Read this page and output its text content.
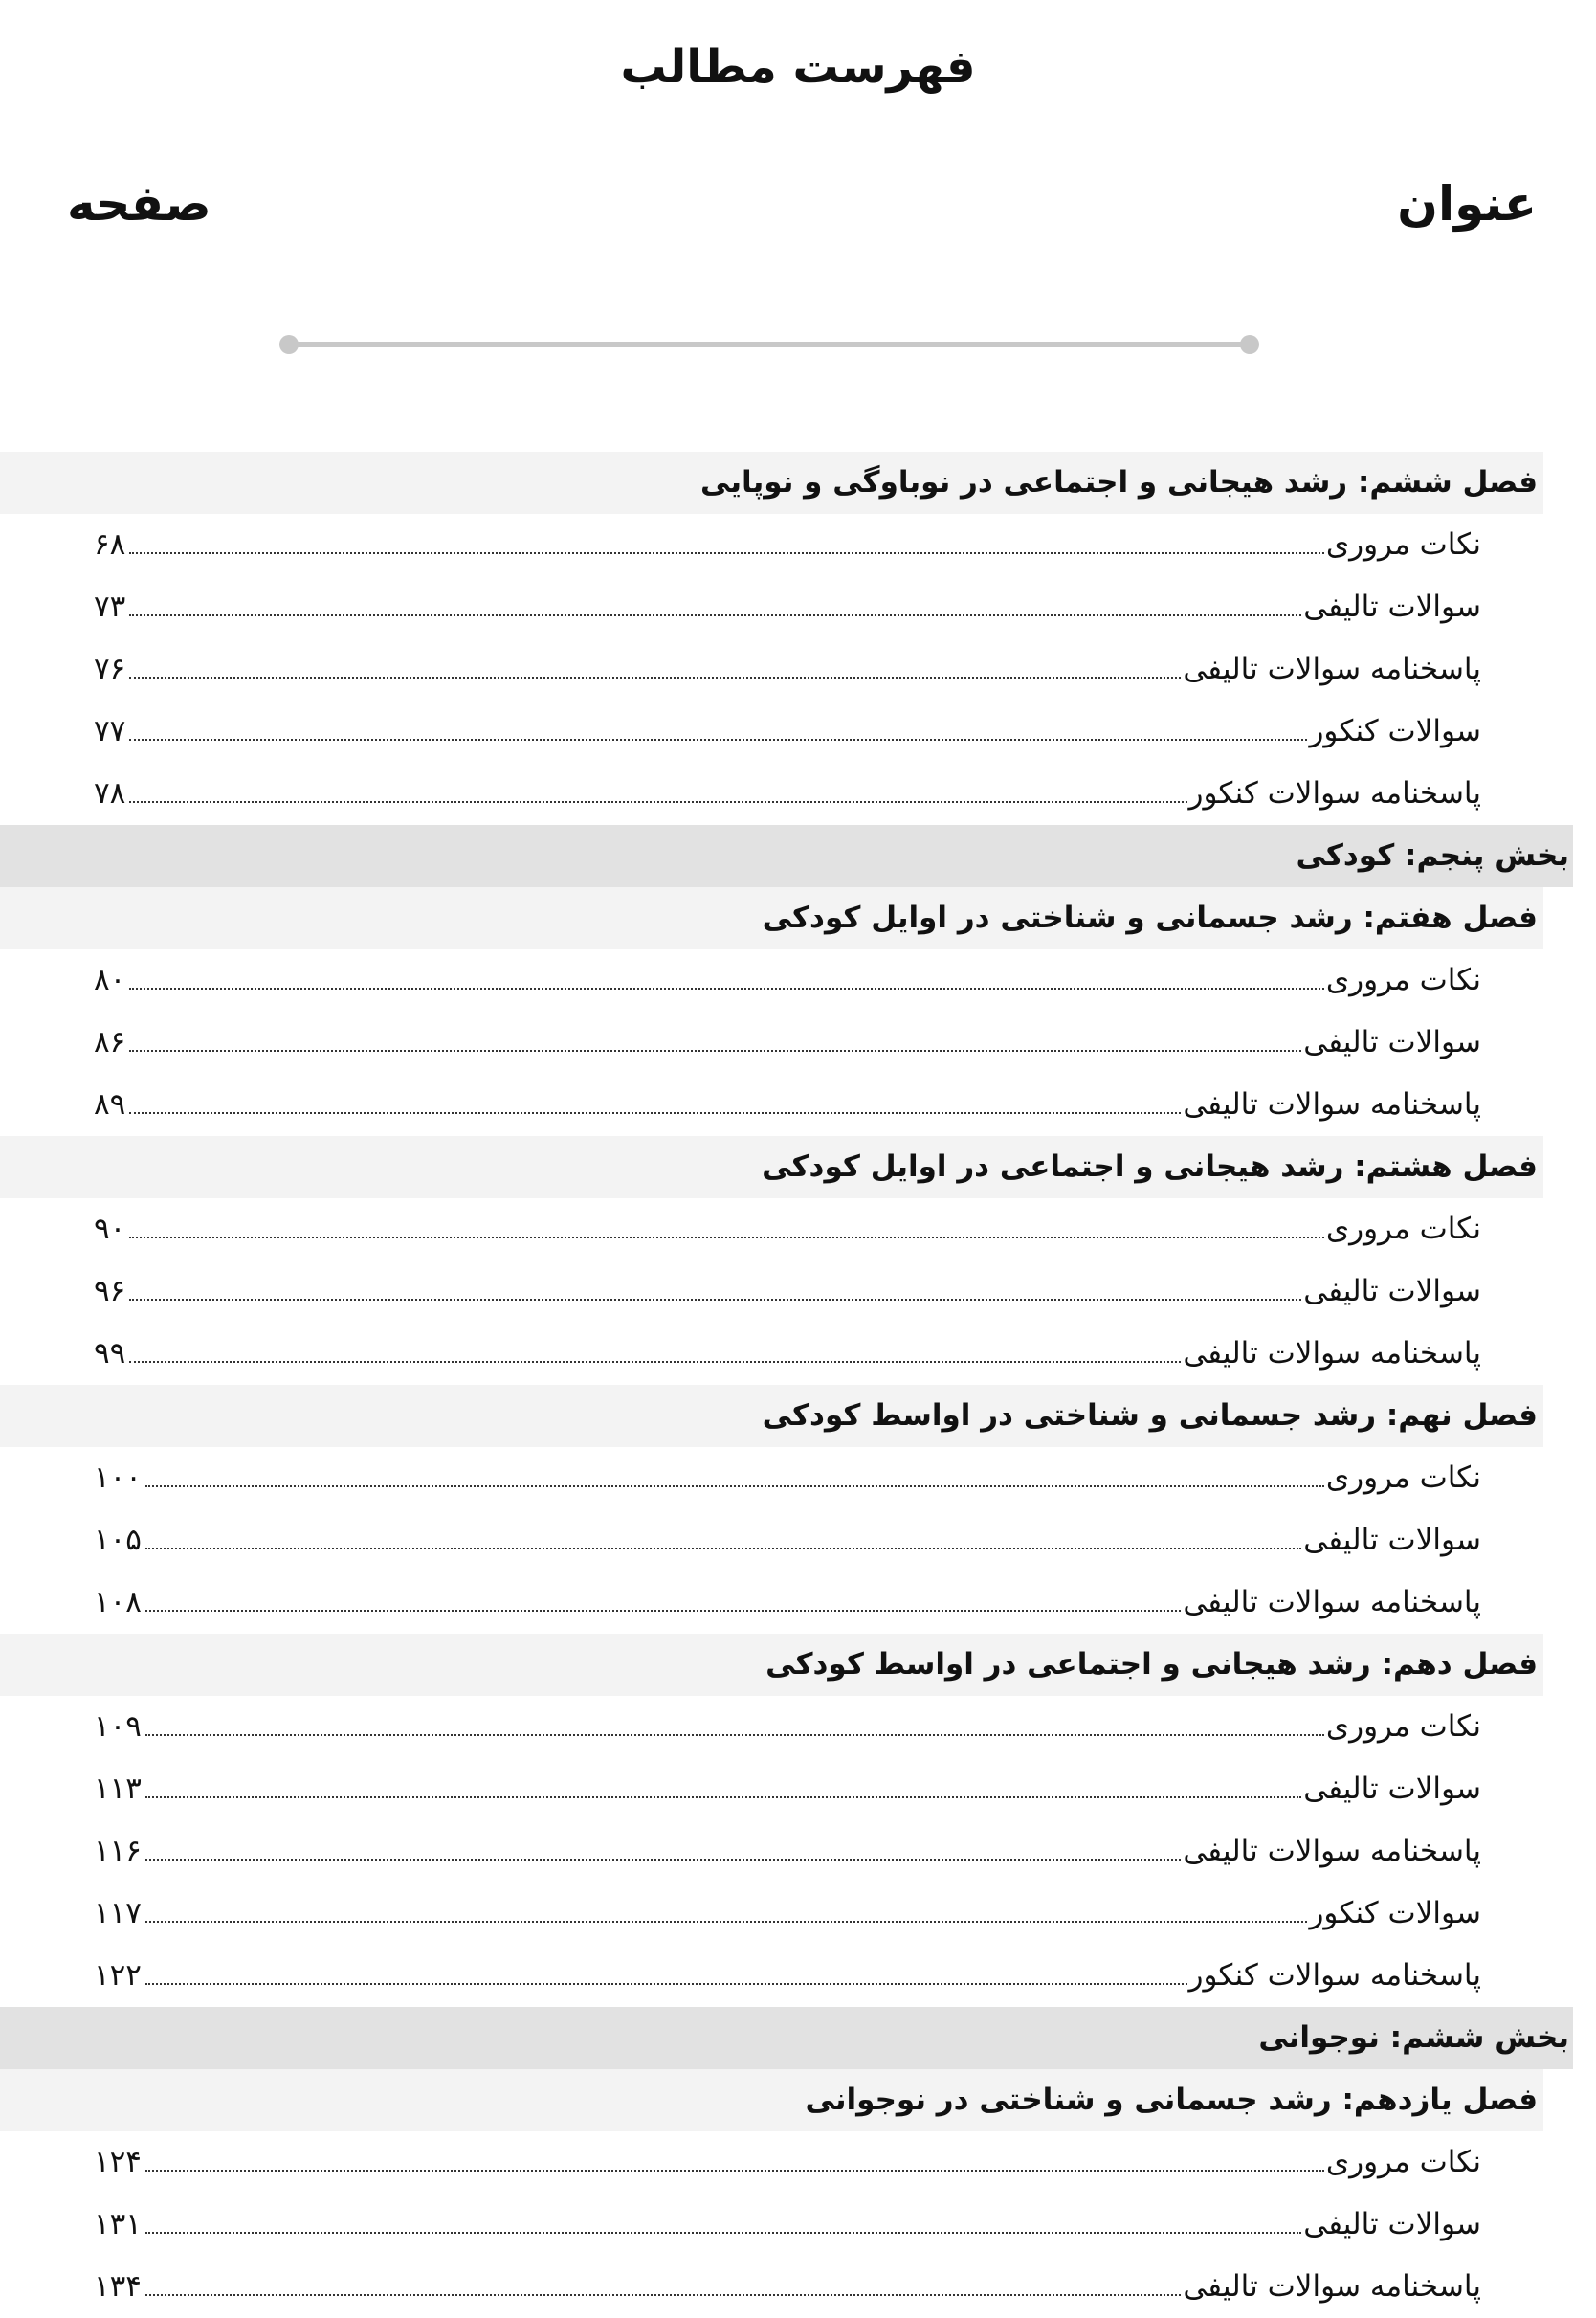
فهرست مطالب
عنوان
صفحه
فصل ششم: رشد هیجانی و اجتماعی در نوباوگی و نوپایی
نکات مروری
۶۸
سوالات تالیفی
۷۳
پاسخنامه سوالات تالیفی
۷۶
سوالات کنکور
۷۷
پاسخنامه سوالات کنکور
۷۸
بخش پنجم: کودکی
فصل هفتم: رشد جسمانی و شناختی در اوایل کودکی
نکات مروری
۸۰
سوالات تالیفی
۸۶
پاسخنامه سوالات تالیفی
۸۹
فصل هشتم: رشد هیجانی و اجتماعی در اوایل کودکی
نکات مروری
۹۰
سوالات تالیفی
۹۶
پاسخنامه سوالات تالیفی
۹۹
فصل نهم: رشد جسمانی و شناختی در اواسط کودکی
نکات مروری
۱۰۰
سوالات تالیفی
۱۰۵
پاسخنامه سوالات تالیفی
۱۰۸
فصل دهم: رشد هیجانی و اجتماعی در اواسط کودکی
نکات مروری
۱۰۹
سوالات تالیفی
۱۱۳
پاسخنامه سوالات تالیفی
۱۱۶
سوالات کنکور
۱۱۷
پاسخنامه سوالات کنکور
۱۲۲
بخش ششم: نوجوانی
فصل یازدهم: رشد جسمانی و شناختی در نوجوانی
نکات مروری
۱۲۴
سوالات تالیفی
۱۳۱
پاسخنامه سوالات تالیفی
۱۳۴
